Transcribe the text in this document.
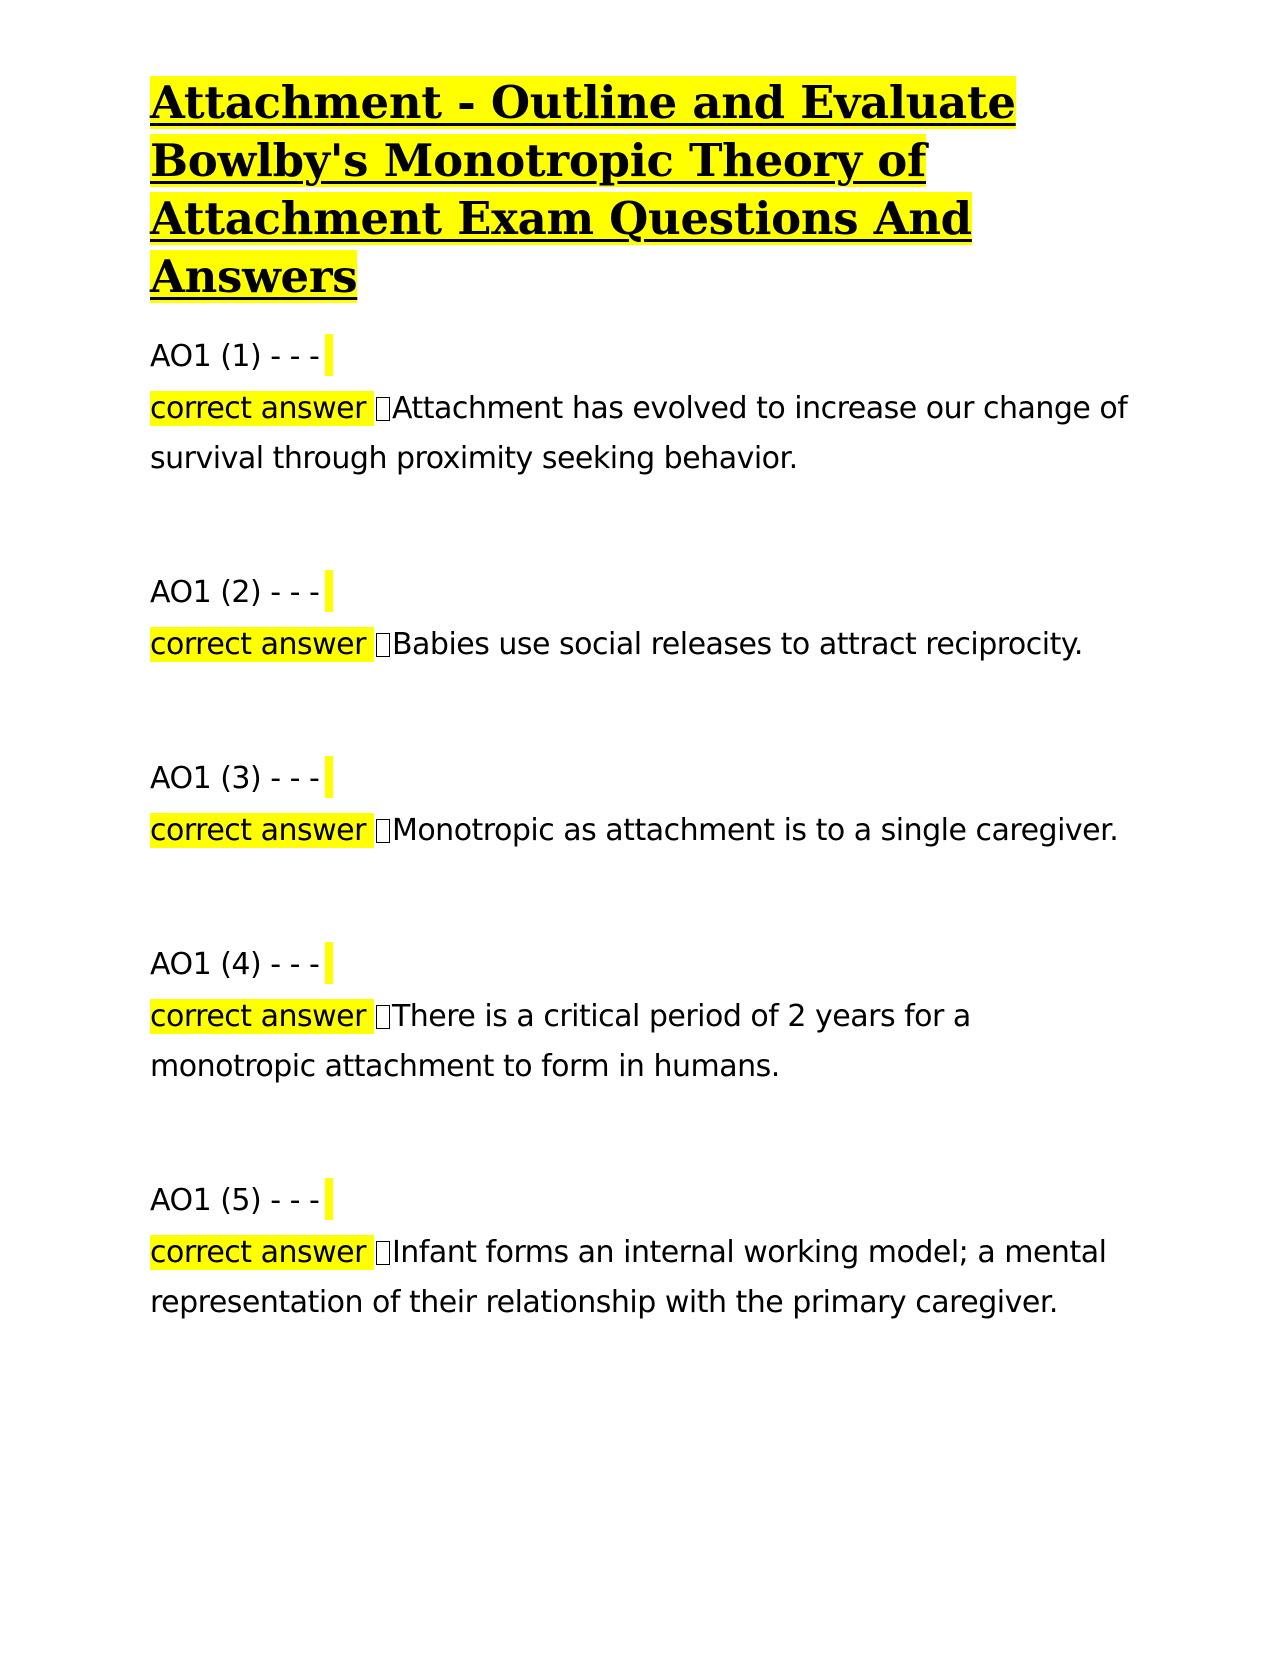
Attachment - Outline and Evaluate Bowlby's Monotropic Theory of Attachment Exam Questions And Answers
AO1 (1) - - -

correct answer Attachment has evolved to increase our change of survival through proximity seeking behavior.

AO1 (2) - - -

correct answer Babies use social releases to attract reciprocity.

AO1 (3) - - -

correct answer Monotropic as attachment is to a single caregiver.

AO1 (4) - - -

correct answer There is a critical period of 2 years for a monotropic attachment to form in humans.

AO1 (5) - - -

correct answer Infant forms an internal working model; a mental representation of their relationship with the primary caregiver.
